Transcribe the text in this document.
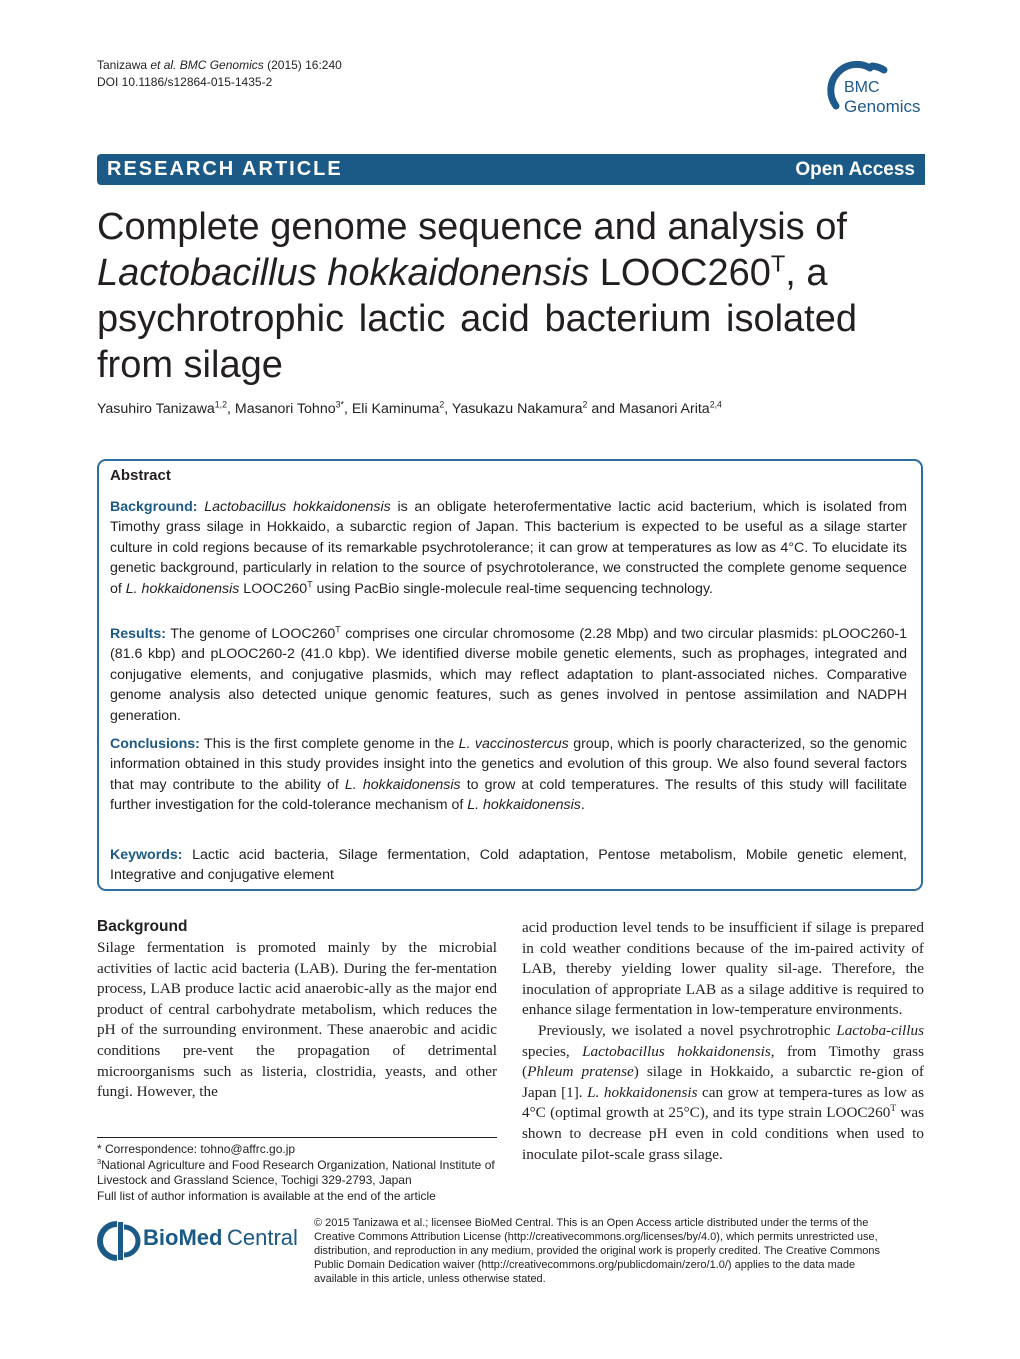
Tanizawa et al. BMC Genomics (2015) 16:240
DOI 10.1186/s12864-015-1435-2	BMC
Genomics
RESEARCH ARTICLE	Open Access
Complete genome sequence and analysis of
Lactobacillus hokkaidonensis $LOOC260^T$, a
psychrotrophic lactic acid bacterium isolated
from silage
Yasuhiro Tanizawa$^{1,2}$, Masanori Tohno$^{3*}$, Eli Kaminuma$^2$, Yasukazu Nakamura$^2$ and Masanori Arita$^{2,4}$
Abstract
Background: Lactobacillus hokkaidonensis is an obligate heterofermentative lactic acid bacterium, which is isolated from Timothy grass silage in Hokkaido, a subarctic region of Japan. This bacterium is expected to be useful as a silage starter culture in cold regions because of its remarkable psychrotolerance; it can grow at temperatures as low as 4°C. To elucidate its genetic background, particularly in relation to the source of psychrotolerance, we constructed the complete genome sequence of L. hokkaidonensis $LOOC260^T$ using PacBio single-molecule real-time sequencing technology.
Results: The genome of $LOOC260^T$ comprises one circular chromosome (2.28 Mbp) and two circular plasmids: pLOOC260-1 (81.6 kbp) and pLOOC260-2 (41.0 kbp). We identified diverse mobile genetic elements, such as prophages, integrated and conjugative elements, and conjugative plasmids, which may reflect adaptation to plant-associated niches. Comparative genome analysis also detected unique genomic features, such as genes involved in pentose assimilation and NADPH generation.
Conclusions: This is the first complete genome in the L. vaccinostercus group, which is poorly characterized, so the genomic information obtained in this study provides insight into the genetics and evolution of this group. We also found several factors that may contribute to the ability of L. hokkaidonensis to grow at cold temperatures. The results of this study will facilitate further investigation for the cold-tolerance mechanism of L. hokkaidonensis.
Keywords: Lactic acid bacteria, Silage fermentation, Cold adaptation, Pentose metabolism, Mobile genetic element, Integrative and conjugative element
Background

Silage fermentation is promoted mainly by the microbial activities of lactic acid bacteria (LAB). During the fer-mentation process, LAB produce lactic acid anaerobic-ally as the major end product of central carbohydrate metabolism, which reduces the pH of the surrounding environment. These anaerobic and acidic conditions pre-vent the propagation of detrimental microorganisms such as listeria, clostridia, yeasts, and other fungi. However, the

acid production level tends to be insufficient if silage is prepared in cold weather conditions because of the im-paired activity of LAB, thereby yielding lower quality sil-age. Therefore, the inoculation of appropriate LAB as a silage additive is required to enhance silage fermentation in low-temperature environments.

Previously, we isolated a novel psychrotrophic Lactoba-cillus species, Lactobacillus hokkaidonensis, from Timothy grass (Phleum pratense) silage in Hokkaido, a subarctic re-gion of Japan [1]. L. hokkaidonensis can grow at tempera-tures as low as 4°C (optimal growth at 25°C), and its type strain $LOOC260^T$ was shown to decrease pH even in cold conditions when used to inoculate pilot-scale grass silage.

* Correspondence: tohno@affrc.go.jp

$^3$National Agriculture and Food Research Organization, National Institute of Livestock and Grassland Science, Tochigi 329-2793, Japan

Full list of author information is available at the end of the article

BioMed Central
© 2015 Tanizawa et al.; licensee BioMed Central. This is an Open Access article distributed under the terms of the Creative Commons Attribution License (http://creativecommons.org/licenses/by/4.0), which permits unrestricted use, distribution, and reproduction in any medium, provided the original work is properly credited. The Creative Commons Public Domain Dedication waiver (http://creativecommons.org/publicdomain/zero/1.0/) applies to the data made available in this article, unless otherwise stated.
